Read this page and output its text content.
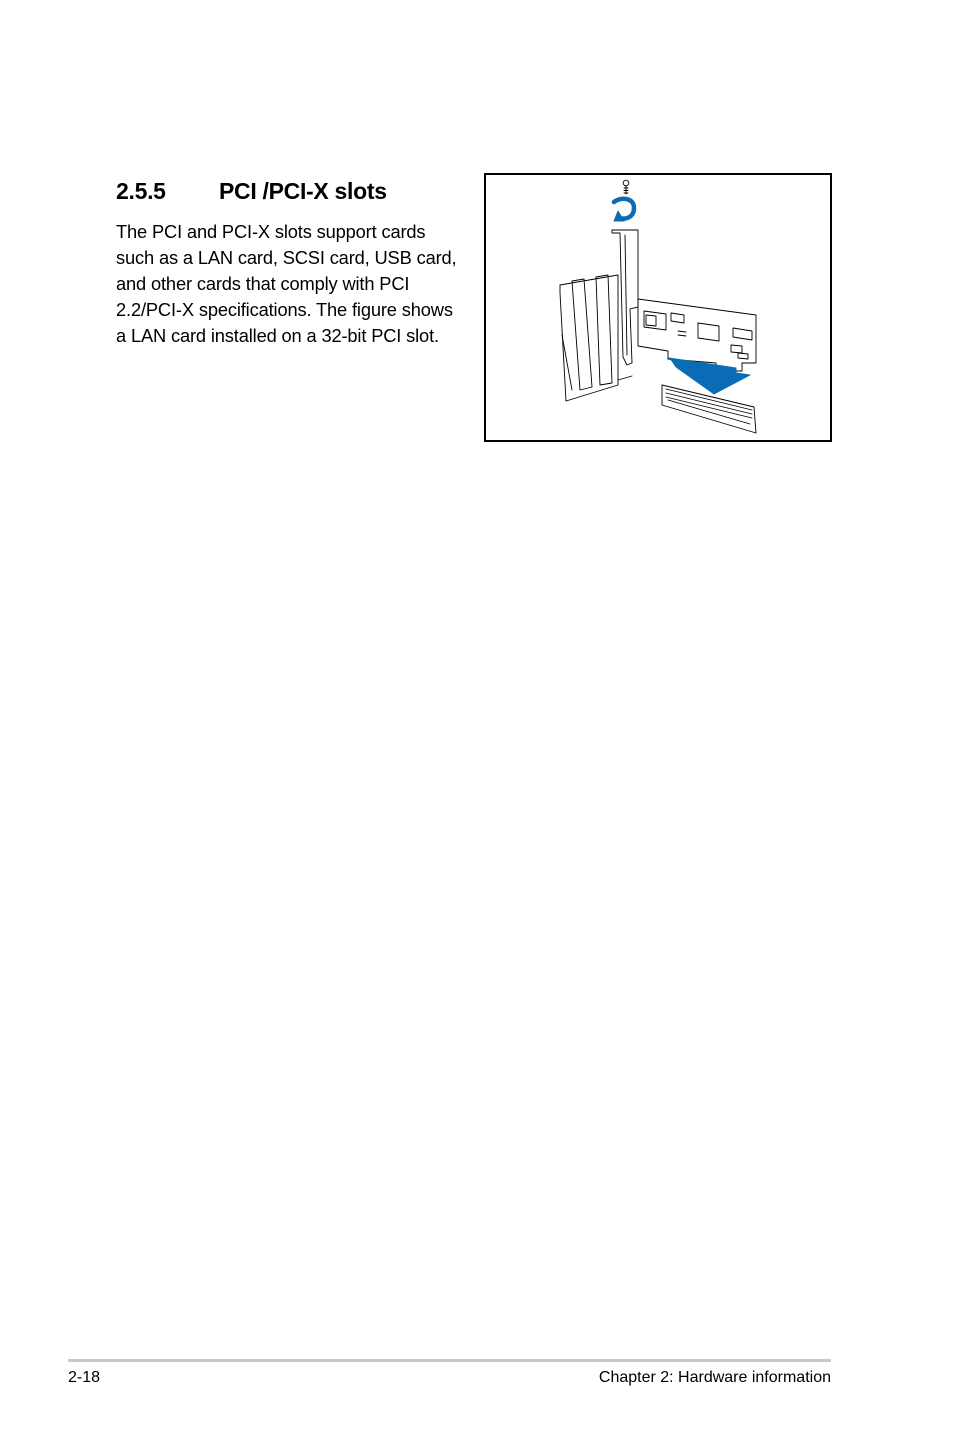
2.5.5 PCI /PCI-X slots

The PCI and PCI-X slots support cards such as a LAN card, SCSI card, USB card, and other cards that comply with PCI 2.2/PCI-X specifications. The figure shows a LAN card installed on a 32-bit PCI slot.

2-18	Chapter 2: Hardware information
